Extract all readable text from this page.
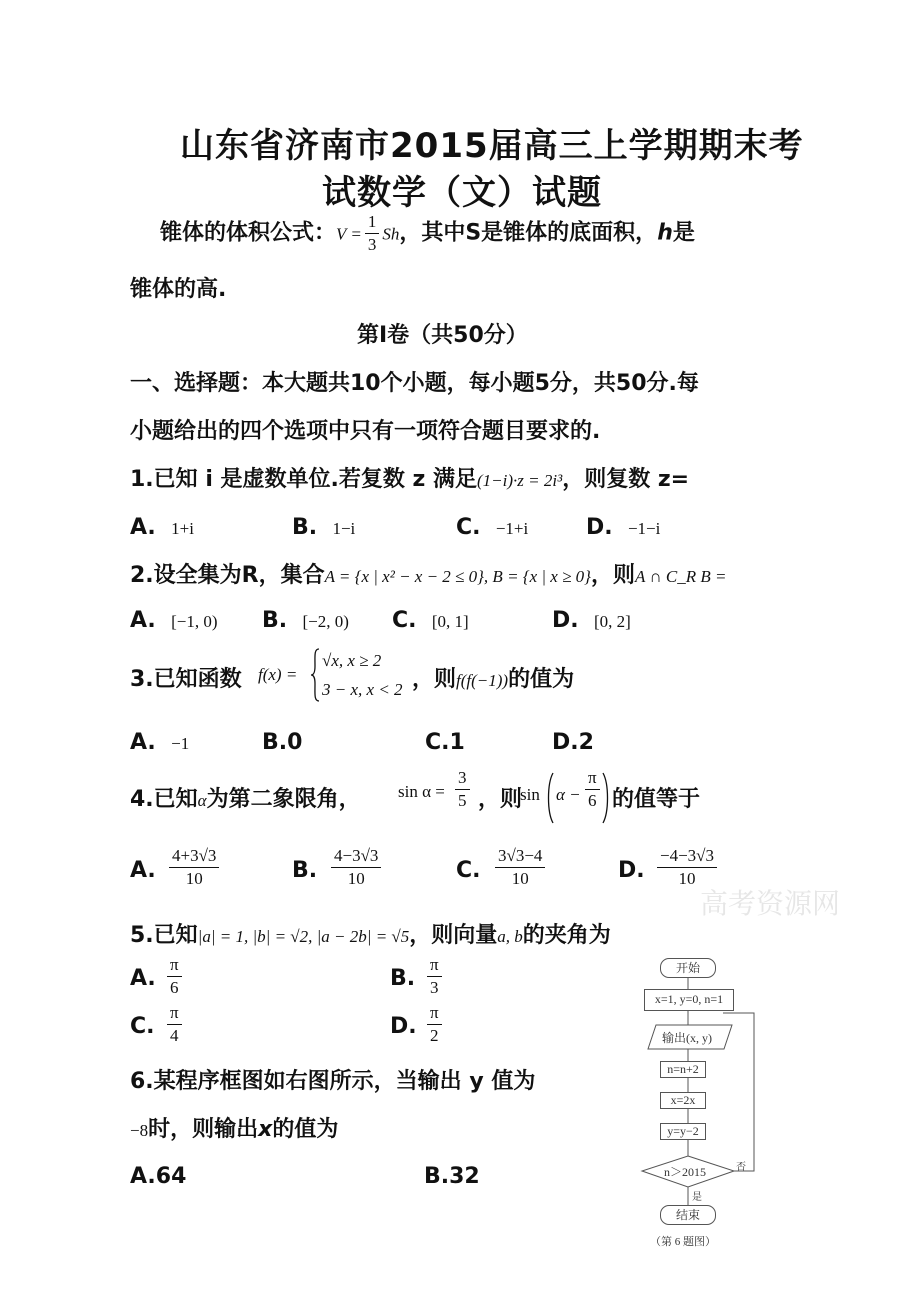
山东省济南市2015届高三上学期期末考
试数学（文）试题
锥体的体积公式：$V = \frac{1}{3}$ Sh，其中S是锥体的底面积，h是
锥体的高.
第Ⅰ卷（共50分）
一、选择题：本大题共10个小题，每小题5分，共50分.每
小题给出的四个选项中只有一项符合题目要求的.
1.已知 i 是虚数单位.若复数 z 满足(1−i)·z = 2i³，则复数 z=
A. 1+i	B. 1−i	C. −1+i	D. −1−i
2.设全集为R，集合A = {x | x² − x − 2 ≤ 0}, B = {x | x ≥ 0}，则A ∩ C_R B =
A. [−1, 0) B. [−2, 0) C. [0, 1]	D. [0, 2]
3.已知函数 f(x) =
√x, x ≥ 2
3 − x, x < 2 ，则f(f(−1))的值为
A. −1	B.0	C.1	D.2
4.已知α为第二象限角， $\sin \alpha = \frac{3}{5}$ ，则
$\sin \alpha - \frac{\pi}{6}$ 的值等于
A. $\frac{4+3√3}{10}$	B. $\frac{4-3√3}{10}$	C. $\frac{3√3-4}{10}$	D. $\frac{-4-3√3}{10}$
高考资源网
5.已知|a| = 1, |b| = √2, |a − 2b| = √5，则向量a, b的夹角为
A. $\frac{\pi}{6}$	B. $\frac{\pi}{3}$
C. $\frac{\pi}{4}$	D. $\frac{\pi}{2}$
6.某程序框图如右图所示，当输出 y 值为
−8时，则输出x的值为
A.64	B.32
开始
x=1, y=0, n=1
输出(x, y)
n=n+2
x=2x
y=y−2
n＞2015	否
是
结束
（第 6 题图）
